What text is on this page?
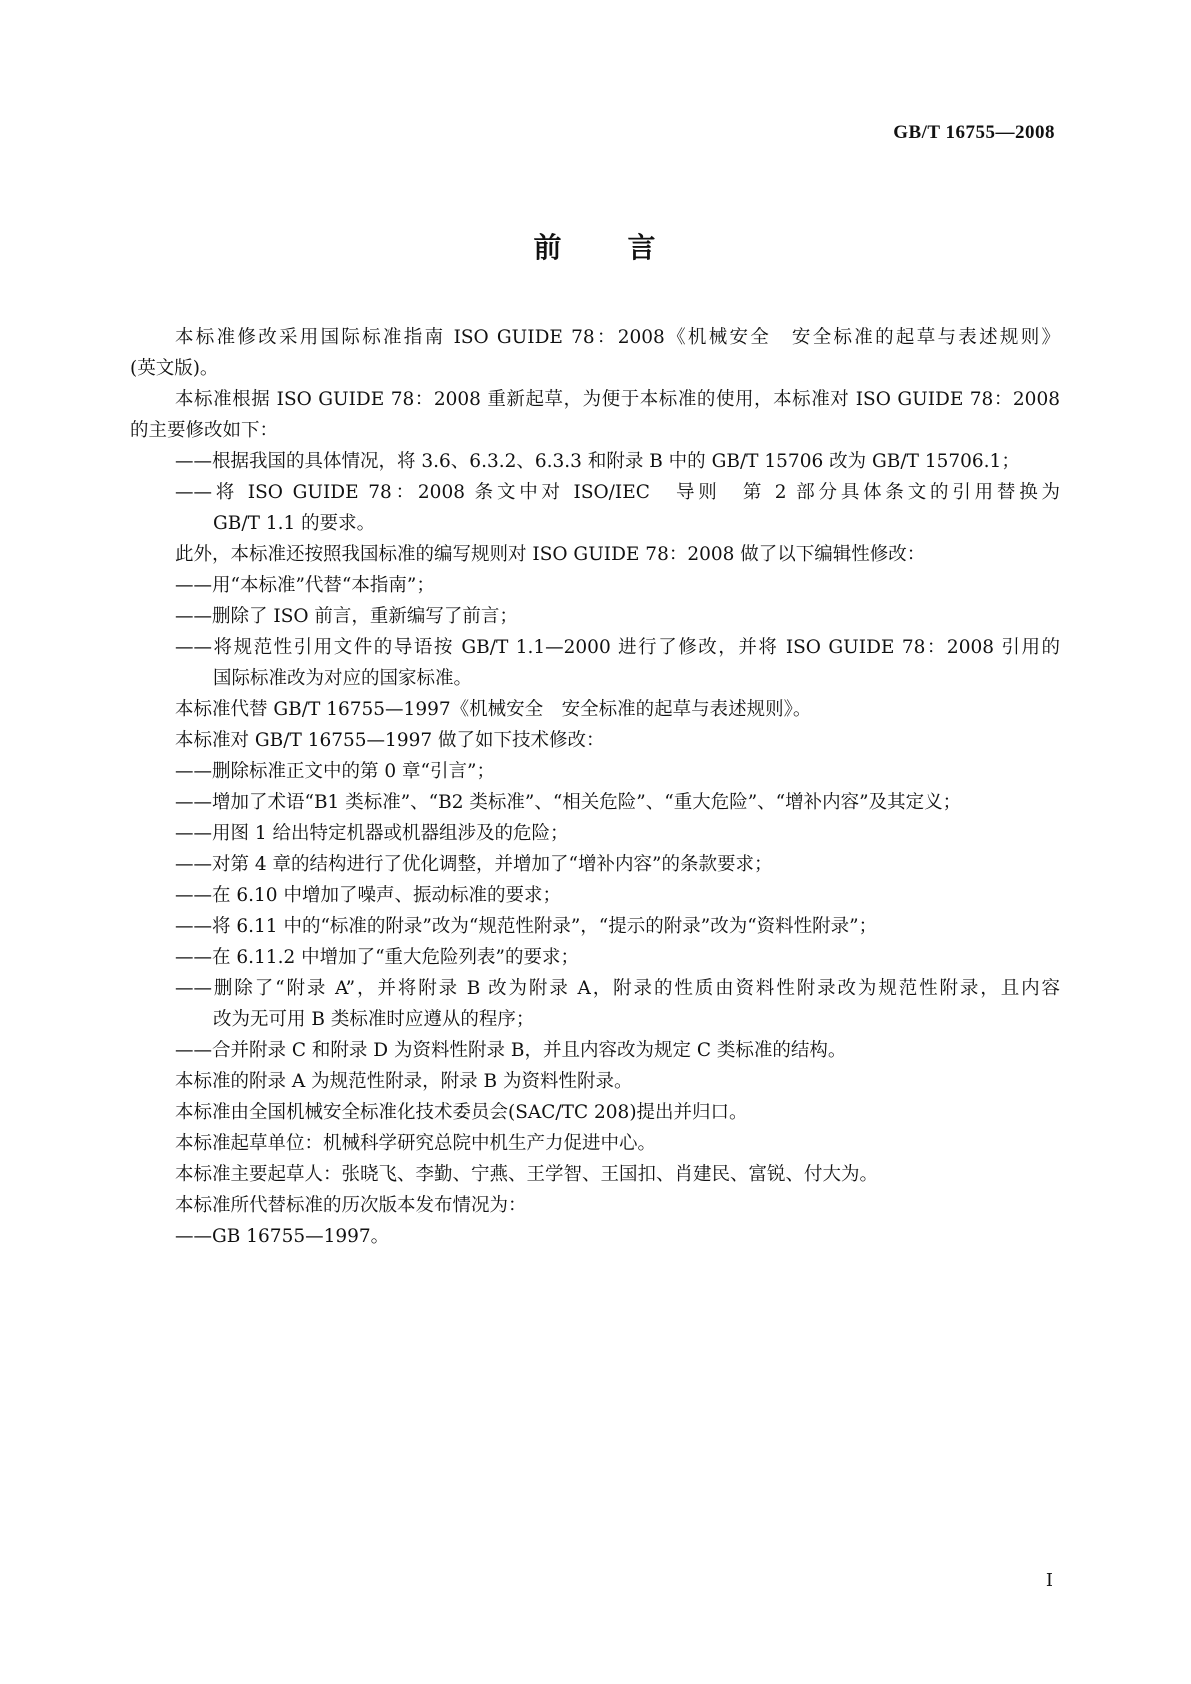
GB/T 16755—2008
前 言
本标准修改采用国际标准指南 ISO GUIDE 78：2008《机械安全　安全标准的起草与表述规则》
(英文版)。
本标准根据 ISO GUIDE 78：2008 重新起草，为便于本标准的使用，本标准对 ISO GUIDE 78：2008
的主要修改如下：
——根据我国的具体情况，将 3.6、6.3.2、6.3.3 和附录 B 中的 GB/T 15706 改为 GB/T 15706.1；
——将 ISO GUIDE 78：2008 条文中对 ISO/IEC　导则　第 2 部分具体条文的引用替换为
GB/T 1.1 的要求。
此外，本标准还按照我国标准的编写规则对 ISO GUIDE 78：2008 做了以下编辑性修改：
——用“本标准”代替“本指南”；
——删除了 ISO 前言，重新编写了前言；
——将规范性引用文件的导语按 GB/T 1.1—2000 进行了修改，并将 ISO GUIDE 78：2008 引用的
国际标准改为对应的国家标准。
本标准代替 GB/T 16755—1997《机械安全　安全标准的起草与表述规则》。
本标准对 GB/T 16755—1997 做了如下技术修改：
——删除标准正文中的第 0 章“引言”；
——增加了术语“B1 类标准”、“B2 类标准”、“相关危险”、“重大危险”、“增补内容”及其定义；
——用图 1 给出特定机器或机器组涉及的危险；
——对第 4 章的结构进行了优化调整，并增加了“增补内容”的条款要求；
——在 6.10 中增加了噪声、振动标准的要求；
——将 6.11 中的“标准的附录”改为“规范性附录”，“提示的附录”改为“资料性附录”；
——在 6.11.2 中增加了“重大危险列表”的要求；
——删除了“附录 A”，并将附录 B 改为附录 A，附录的性质由资料性附录改为规范性附录，且内容
改为无可用 B 类标准时应遵从的程序；
——合并附录 C 和附录 D 为资料性附录 B，并且内容改为规定 C 类标准的结构。
本标准的附录 A 为规范性附录，附录 B 为资料性附录。
本标准由全国机械安全标准化技术委员会(SAC/TC 208)提出并归口。
本标准起草单位：机械科学研究总院中机生产力促进中心。
本标准主要起草人：张晓飞、李勤、宁燕、王学智、王国扣、肖建民、富锐、付大为。
本标准所代替标准的历次版本发布情况为：
——GB 16755—1997。
I
